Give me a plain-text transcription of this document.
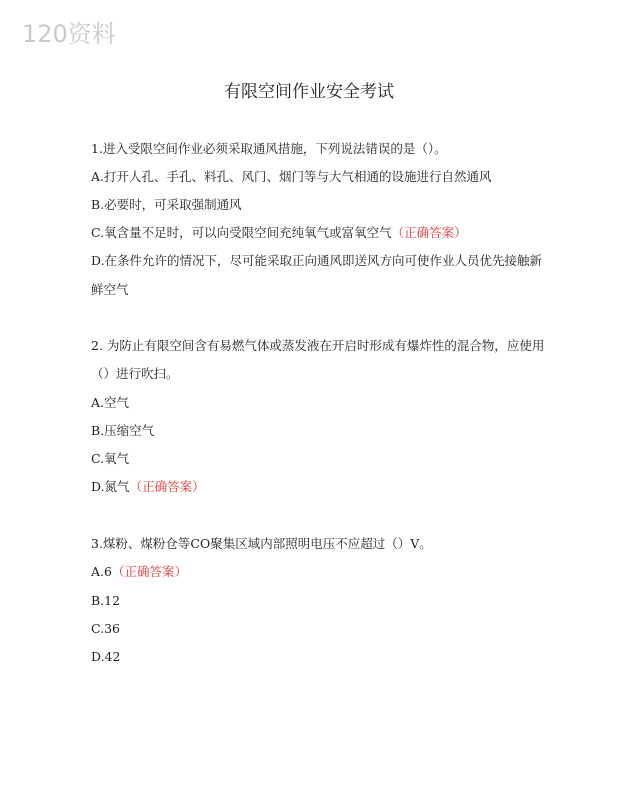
120资料
有限空间作业安全考试
1.进入受限空间作业必须采取通风措施，下列说法错误的是（）。
A.打开人孔、手孔、料孔、风门、烟门等与大气相通的设施进行自然通风
B.必要时，可采取强制通风
C.氧含量不足时，可以向受限空间充纯氧气或富氧空气（正确答案）
D.在条件允许的情况下，尽可能采取正向通风即送风方向可使作业人员优先接触新
鲜空气
2. 为防止有限空间含有易燃气体或蒸发液在开启时形成有爆炸性的混合物，应使用
（）进行吹扫。
A.空气
B.压缩空气
C.氧气
D.氮气（正确答案）
3.煤粉、煤粉仓等CO聚集区域内部照明电压不应超过（）V。
A.6（正确答案）
B.12
C.36
D.42
